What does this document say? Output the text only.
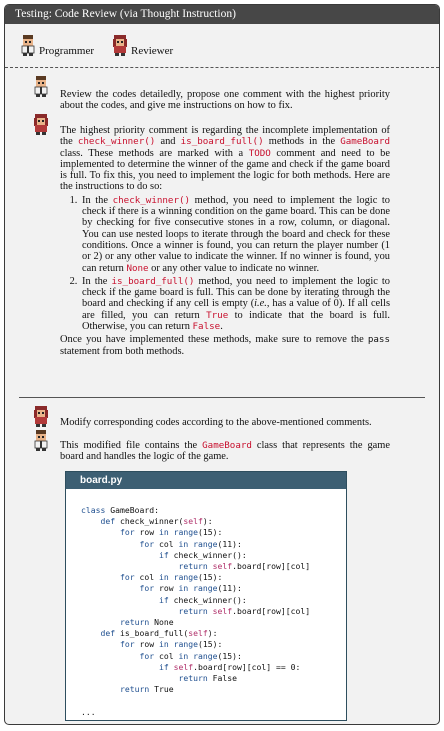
Testing: Code Review (via Thought Instruction)
Programmer	Reviewer
Review the codes detailedly, propose one comment with the highest priority about the codes, and give me instructions on how to fix.
The highest priority comment is regarding the incomplete implementation of the check_winner() and is_board_full() methods in the GameBoard class. These methods are marked with a TODO comment and need to be implemented to determine the winner of the game and check if the game board is full. To fix this, you need to implement the logic for both methods. Here are the instructions to do so:
1. In the check_winner() method, you need to implement the logic to check if there is a winning condition on the game board. This can be done by checking for five consecutive stones in a row, column, or diagonal. You can use nested loops to iterate through the board and check for these conditions. Once a winner is found, you can return the player number (1 or 2) or any other value to indicate the winner. If no winner is found, you can return None or any other value to indicate no winner.
2. In the is_board_full() method, you need to implement the logic to check if the game board is full. This can be done by iterating through the board and checking if any cell is empty (i.e., has a value of 0). If all cells are filled, you can return True to indicate that the board is full. Otherwise, you can return False.
Once you have implemented these methods, make sure to remove the pass statement from both methods.
Modify corresponding codes according to the above-mentioned comments.
This modified file contains the GameBoard class that represents the game board and handles the logic of the game.
board.py
class GameBoard:
def check_winner(self):
for row in range(15):
for col in range(11):
if check_winner():
return self.board[row][col]
for col in range(15):
for row in range(11):
if check_winner():
return self.board[row][col]
return None
def is_board_full(self):
for row in range(15):
for col in range(15):
if self.board[row][col] == 0:
return False
return True

...
